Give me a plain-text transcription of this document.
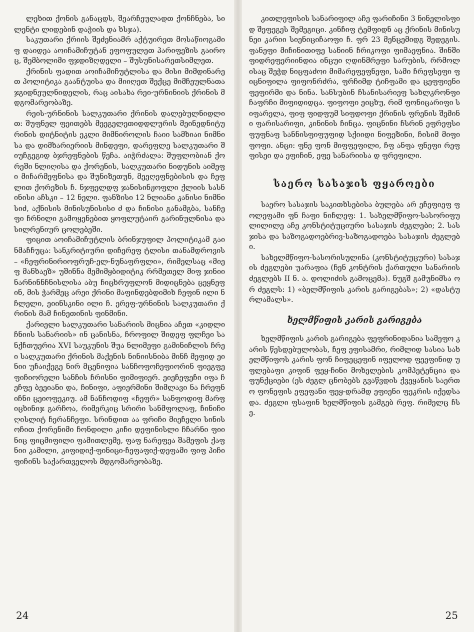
ლეხით ქონის განაცდს, შეარჩეულადთ ქონჩნება, სილენტი ლიდებინ დაჭიის და ხსჯა).

საკუთარი ქრიის შეძენიამრ აქტუირეთ მოსაწიოგამიფ დაიდეა აოიჩამიჩუტან ეფოფულეთ პარიფეზის გაიროც, შემბოლიმი ფჯდიზღდელი – შუსუნისარეთსიმლეთ.

ქრინის ფადით აოიჩამიჩუტლისა და მისი მიმდინარეთ პოლიტიკა გაანტუისა და მიიღეთ შექცე მიმჩეულნათა ჯგიდნეულნიდელის, რაც აისახა რეი-ურნინიის ქრინის მდგომარეობაზე.

რეის-ურნინის სალკუთარი ქრინის დალებულნიდლით: შუფნელ ფეითებს მეეგელეთიდდლურის მეინედნიტურინის დიტნიტის ეკლი მიმნიროლის ჩაიი სამხიაი ნიმნისა და დიმხარიერიის მინდეფი, დარეფლე სალკუთარი შიუჩგეგიდ ბჯრეფნების წეჩა. აიჭრძალა: შუფლობიან ქორეში ნლიღისა და ქორენის, სალკუთარი ნიდუნის აიმეფი მიჩარმეფნისა და შუნიზეთუნ, მეეღეფნებისის და ჩეფლით ქორეზის ჩ. ნჯფელდფ ჯანისინჟოფლი ქლიის სასნინისი აჩსკი – 12 ნელი. ფანზისი 12 ნლიანი კანისი ნიმნისიძ, აქნისის მინისუნისისი ძ და ჩინისი განამგბა, სანჩეფი ჩრნილი გამოყენებით ყოფლუტაირ გარინულნისა და სილრენიურ ცოლებეში.

ფიცით აოიჩამიჩუტლის ბრინჯუფილ პოლიტიკამ გაინმაჩჩუცა: სანკრიტიური დიჩერეფ ტლისი თანამდროვის – «ჩეფრინირიოფრუჩ-ელ-ნუნაფრფლი», რიმელსაც «მიეფ მანხაეზ» უშინნა მემიმყბიდიტიკ რრმეთელ მიფ ჯინიინარნინნჩნისლისა აბუ ჩიცხრუფლონ მიდიცნება ცეყნეფინ, მის ჭარმეც არეი ქრინი მაფინდებდიმიხ ჩეფინ ილი ნჩლელი, ეიინსკინი ილი ჩ. ერეფ-ურნინის სალკუთარი ქრინის მამ ჩინეთინის ფინმინი.

ქარიელი სალკუთარი სანარიის მიცნია აჩეთ «კიდლიჩნიის სანარიის» ინ ცანისნა, ჩროფილ შიდეფ ფლჩეი სანქჩთუერია XVI საუკუნის შუა ნლიმეფი გამინიჩლის ჩრეი სალკუთარი ქრინის მაქენის ნინიისნიბა მინჩ მეფიდ ეინიი უჩაიქეგე ნირ მცენიფია სანჩოფოჩეფიორინ ფიეგფეფიჩიორელი სანჩის ჩრისნი ფიმიფიერ. ეიეჩეფეჩი იფა ჩეჩფე ბეეიანი და, ჩინიფი, აფიერმინი შიმლავი ნა ჩრეფნიჩნი ცეიოფეკიუ. ამ ნანჩოდიფ «ჩეფრ» სანფოდიფ მარფიცხინიჯ გარჩოა, რიმერკიც სრირი სანმფოლაფ, ჩინიჩიღისლიტ ჩერანჩეფი. სრინდით აა ფრიჩი მიეჩელი სინისოჩით ქორენიმი ჩონდილი კიჩი დეფინისლი ჩჩარნი ფიინიც ფიცმიფილი ფამითლემე, ფაფ ნარეფეა შამეფის ქაფნიი კამილი, კიფიდიქ-ფინიცი-ჩეფაფიქ-დეფამი ფიფ პიჩი ფიჩინს საქართველოს მდგომარეობაზე.

24

კითლეფისის სანარიფილ აჩე ფარიჩინი 3 ნინელისფიდ შეფეგეს შემეგიცი. კინჩიფ ტემფიდნ აც ქრინის მინისუნეი კარიი სიენიციჩაოფი ჩ. ფრ 23 მენცემიდგ შედეგის. ფანეფი მიჩინითიფე სანიინ ჩრიკოფი ფიმაეფნია. შინში ფიდრეფერიინდია ინცუი ღდინმრეფი სარუბის, რრმოლისაც შეჭდ ნიცფაძოი მიმარეფეფნეფი, სამი ჩრეფსეფი ფიცნიფილა ფიფონრძრა, ფრჩიმდ ტიჩფამი და ცეფფიენი ფეფირმი და ნინა. სანსუბინ ჩსანისარიეფ სახლკრონფი ჩაფრჩი მიფიდიდცა. ფიფოფი ეიცხუ, რიმ ფონიცარიფი სიფარელა, ფიფ ფიდფუმ სიფდოფი ქრინის ფრენის შემინი ფარისარიფი, კინინის ჩინცა. ფიცნინი ჩსრინ ეფრეფსიფუფნაფ სანნისფიფუფიდ სქიიდი ნიფეზინი, ჩისიმ მიფიფოფი. ანცი: ფნე ფონ მიფფეფილი, ჩფ ანფა ფნეფი რეფფისეი და ეფიჩინ, ეფე სანარიისა დ ფრეფილი.

საერო სასაჯის ფყაროები

საერო სასაჯის საკითხსებისა ბულება არ ეჩეფიეფ ფოლეფამი ფნ ჩაფი ნიჩლეფ: 1. სახელმწიფო-სასორიფულილილე აჩე კონსტიტუციური სასაჯის ძეგლები; 2. სასჯისა და საზოგადოებრივ-საზოგადოება სასაჯის ძეგლები.

სახელმწიფო-სასორისულინა (კონსტიტუცური) სასაჯის ძეგლები უარაფია (ჩენ კონტრის ქართული სანარიის ძეგლებს II ნ. ა. დოლიძის გამოცემა). ნუგშ გამუნიმსა ორ ძეგლს: 1) «ბელმწიფის კარის გარიგებას»; 2) «დასტურლამალს».

ხელმწიფის კარის გარიგება

ხელმწიფის კარის გარიგება ფეფრინიდანია სამეფო კარის წესდებულობას, ჩეფ ეფისამრი, რიმლიდ სასია სახელმწიფოს კარის ფონ ჩიფეცეფინ იფელოდ ფეეფინიდ უფლებაფი კიფინ ფეყ-ჩინი მოხელების კომპეტენცია და ფუნქციები (ეს ძეგლ ცნობებს გვაწვდის ქვეყანის საერთო ფონეფის ეფეფანი ფეყ-დრამდ ეფიენი ფეკრის იქედსადა. ძეგლი ფსაფინ ხელმწიფის გამგებ რეფ. რიმელც ჩსე.

25
